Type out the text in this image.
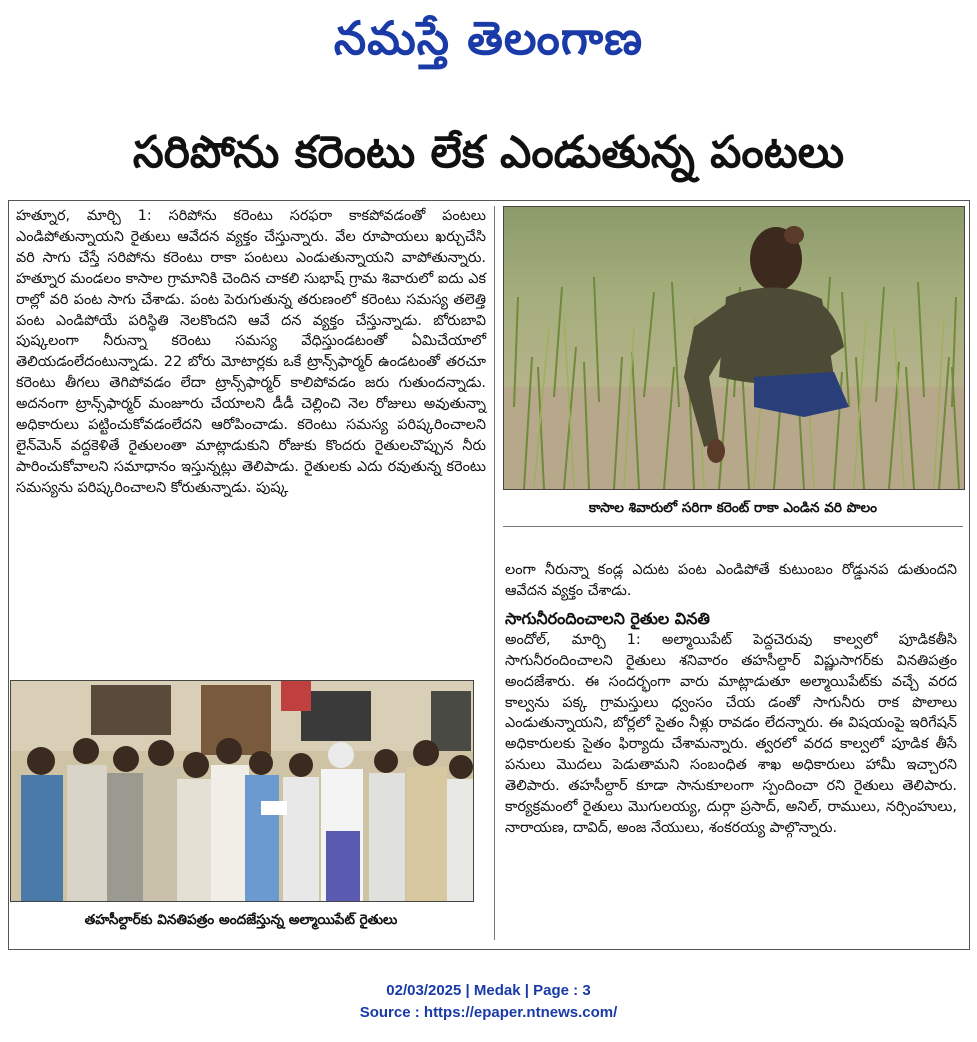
నమస్తే తెలంగాణ
సరిపోను కరెంటు లేక ఎండుతున్న పంటలు

హత్నూర, మార్చి 1: సరిపోను కరెంటు సరఫరా కాకపోవడంతో పంటలు ఎండిపోతున్నాయని రైతులు ఆవేదన వ్యక్తం చేస్తున్నారు. వేల రూపాయలు ఖర్చుచేసి వరి సాగు చేస్తే సరిపోను కరెంటు రాకా పంటలు ఎండుతున్నాయని వాపోతున్నారు. హత్నూర మండలం కాసాల గ్రామానికి చెందిన చాకలి సుభాష్ గ్రామ శివారులో ఐదు ఎక రాల్లో వరి పంట సాగు చేశాడు. పంట పెరుగుతున్న తరుణంలో కరెంటు సమస్య తలెత్తి పంట ఎండిపోయే పరిస్థితి నెలకొందని ఆవే దన వ్యక్తం చేస్తున్నాడు. బోరుబావి పుష్కలంగా నీరున్నా కరెంటు సమస్య వేధిస్తుండటంతో ఏమిచేయాలో తెలియడంలేదంటున్నాడు. 22 బోరు మోటార్లకు ఒకే ట్రాన్స్‌ఫార్మర్ ఉండటంతో తరచూ కరెంటు తీగలు తెగిపోవడం లేదా ట్రాన్స్‌ఫార్మర్ కాలిపోవడం జరు గుతుందన్నాడు. అదనంగా ట్రాన్స్‌ఫార్మర్ మంజూరు చేయాలని డీడీ చెల్లించి నెల రోజులు అవుతున్నా అధికారులు పట్టించుకోవడంలేదని ఆరోపించాడు. కరెంటు సమస్య పరిష్కరించాలని లైన్‌మెన్ వద్దకెళితే రైతులంతా మాట్లాడుకుని రోజుకు కొందరు రైతులచొప్పున నీరు పారించుకోవాలని సమాధానం ఇస్తున్నట్లు తెలిపాడు. రైతులకు ఎదు రవుతున్న కరెంటు సమస్యను పరిష్కరించాలని కోరుతున్నాడు. పుష్క

కాసాల శివారులో సరిగా కరెంట్ రాకా ఎండిన వరి పొలం

లంగా నీరున్నా కండ్ల ఎదుట పంట ఎండిపోతే కుటుంబం రోడ్డునప డుతుందని ఆవేదన వ్యక్తం చేశాడు.

సాగునీరందించాలని రైతుల వినతి

అందోల్, మార్చి 1: అల్మాయిపేట్ పెద్దచెరువు కాల్వలో పూడికతీసి సాగునీరందించాలని రైతులు శనివారం తహసీల్దార్ విష్ణుసాగర్‌కు వినతిపత్రం అందజేశారు. ఈ సందర్భంగా వారు మాట్లాడుతూ అల్మాయిపేట్‌కు వచ్చే వరద కాల్వను పక్క గ్రామస్తులు ధ్వంసం చేయ డంతో సాగునీరు రాక పొలాలు ఎండుతున్నాయని, బోర్లలో సైతం నీళ్లు రావడం లేదన్నారు. ఈ విషయంపై ఇరిగేషన్ అధికారులకు సైతం ఫిర్యాదు చేశామన్నారు. త్వరలో వరద కాల్వలో పూడిక తీసే పనులు మొదలు పెడుతామని సంబంధిత శాఖ అధికారులు హామీ ఇచ్చారని తెలిపారు. తహసీల్దార్ కూడా సానుకూలంగా స్పందించా రని రైతులు తెలిపారు. కార్యక్రమంలో రైతులు మొగులయ్య, దుర్గా ప్రసాద్, అనిల్, రాములు, నర్సింహులు, నారాయణ, దావిద్, అంజ నేయులు, శంకరయ్య పాల్గొన్నారు.

తహసీల్దార్‌కు వినతిపత్రం అందజేస్తున్న అల్మాయిపేట్ రైతులు
02/03/2025 | Medak | Page : 3
Source : https://epaper.ntnews.com/
